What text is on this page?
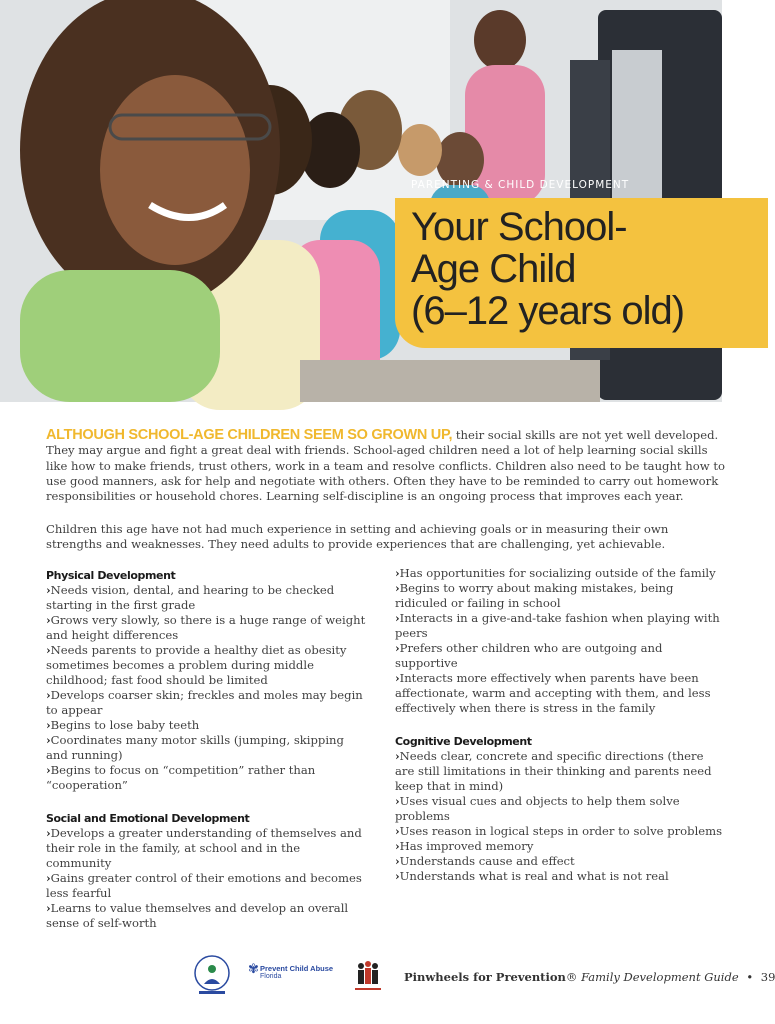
PARENTING & CHILD DEVELOPMENT
Your School-
Age Child
(6–12 years old)

ALTHOUGH SCHOOL-AGE CHILDREN SEEM SO GROWN UP, their social skills are not yet well developed. They may argue and fight a great deal with friends. School-aged children need a lot of help learning social skills like how to make friends, trust others, work in a team and resolve conflicts. Children also need to be taught how to use good manners, ask for help and negotiate with others. Often they have to be reminded to carry out homework responsibilities or household chores. Learning self-discipline is an ongoing process that improves each year.

Children this age have not had much experience in setting and achieving goals or in measuring their own strengths and weaknesses. They need adults to provide experiences that are challenging, yet achievable.

Physical Development
› Needs vision, dental, and hearing to be checked starting in the first grade
› Grows very slowly, so there is a huge range of weight and height differences
› Needs parents to provide a healthy diet as obesity sometimes becomes a problem during middle childhood; fast food should be limited
› Develops coarser skin; freckles and moles may begin to appear
› Begins to lose baby teeth
› Coordinates many motor skills (jumping, skipping and running)
› Begins to focus on “competition” rather than “cooperation”
Social and Emotional Development
› Develops a greater understanding of themselves and their role in the family, at school and in the community
› Gains greater control of their emotions and becomes less fearful
› Learns to value themselves and develop an overall sense of self-worth
› Has opportunities for socializing outside of the family
› Begins to worry about making mistakes, being ridiculed or failing in school
› Interacts in a give-and-take fashion when playing with peers
› Prefers other children who are outgoing and supportive
› Interacts more effectively when parents have been affectionate, warm and accepting with them, and less effectively when there is stress in the family
Cognitive Development
› Needs clear, concrete and specific directions (there are still limitations in their thinking and parents need keep that in mind)
› Uses visual cues and objects to help them solve problems
› Uses reason in logical steps in order to solve problems
› Has improved memory
› Understands cause and effect
› Understands what is real and what is not real
✾ Prevent Child Abuse
Florida	Pinwheels for Prevention® Family Development Guide • 39
